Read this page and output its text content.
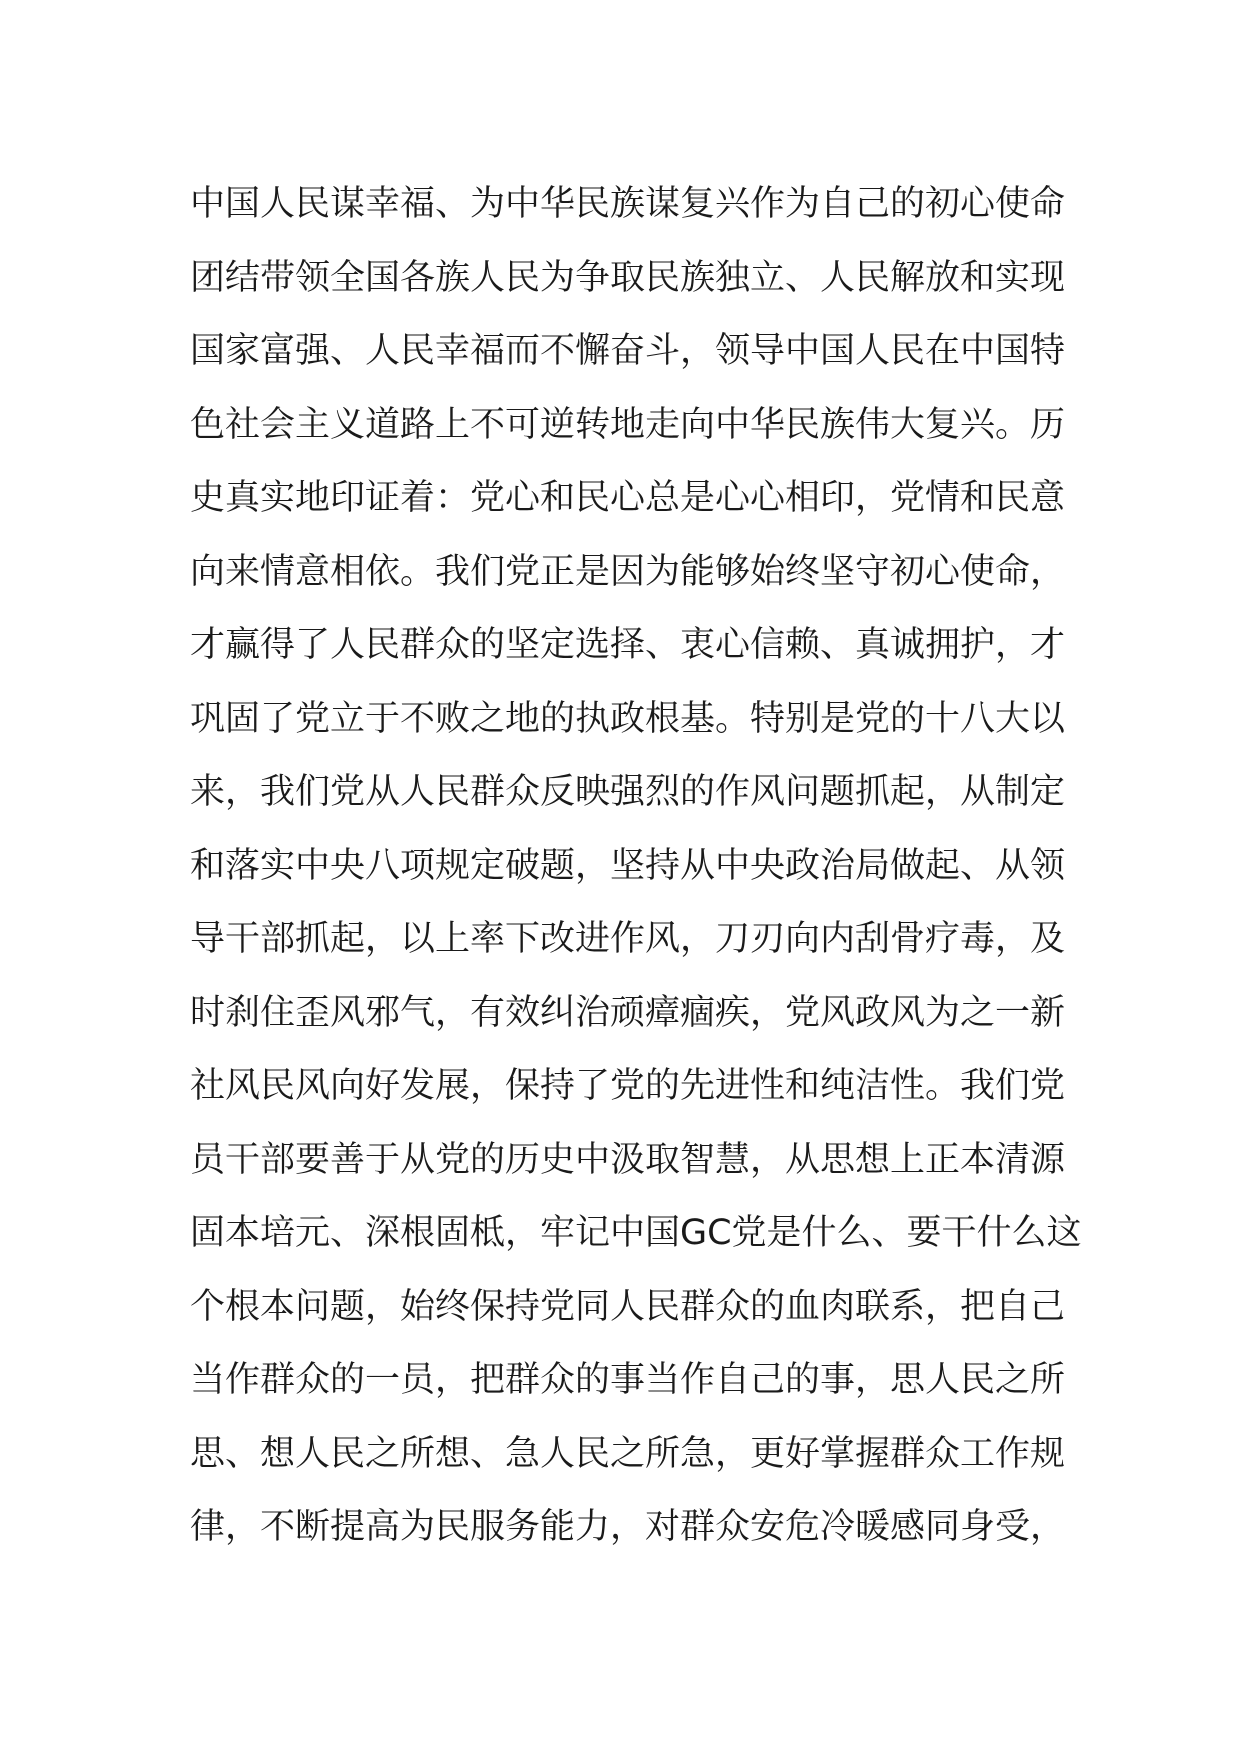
中国人民谋幸福、为中华民族谋复兴作为自己的初心使命
团结带领全国各族人民为争取民族独立、人民解放和实现
国家富强、人民幸福而不懈奋斗，领导中国人民在中国特
色社会主义道路上不可逆转地走向中华民族伟大复兴。历
史真实地印证着：党心和民心总是心心相印，党情和民意
向来情意相依。我们党正是因为能够始终坚守初心使命，
才赢得了人民群众的坚定选择、衷心信赖、真诚拥护，才
巩固了党立于不败之地的执政根基。特别是党的十八大以
来，我们党从人民群众反映强烈的作风问题抓起，从制定
和落实中央八项规定破题，坚持从中央政治局做起、从领
导干部抓起，以上率下改进作风，刀刃向内刮骨疗毒，及
时刹住歪风邪气，有效纠治顽瘴痼疾，党风政风为之一新
社风民风向好发展，保持了党的先进性和纯洁性。我们党
员干部要善于从党的历史中汲取智慧，从思想上正本清源
固本培元、深根固柢，牢记中国GC党是什么、要干什么这
个根本问题，始终保持党同人民群众的血肉联系，把自己
当作群众的一员，把群众的事当作自己的事，思人民之所
思、想人民之所想、急人民之所急，更好掌握群众工作规
律，不断提高为民服务能力，对群众安危冷暖感同身受，
